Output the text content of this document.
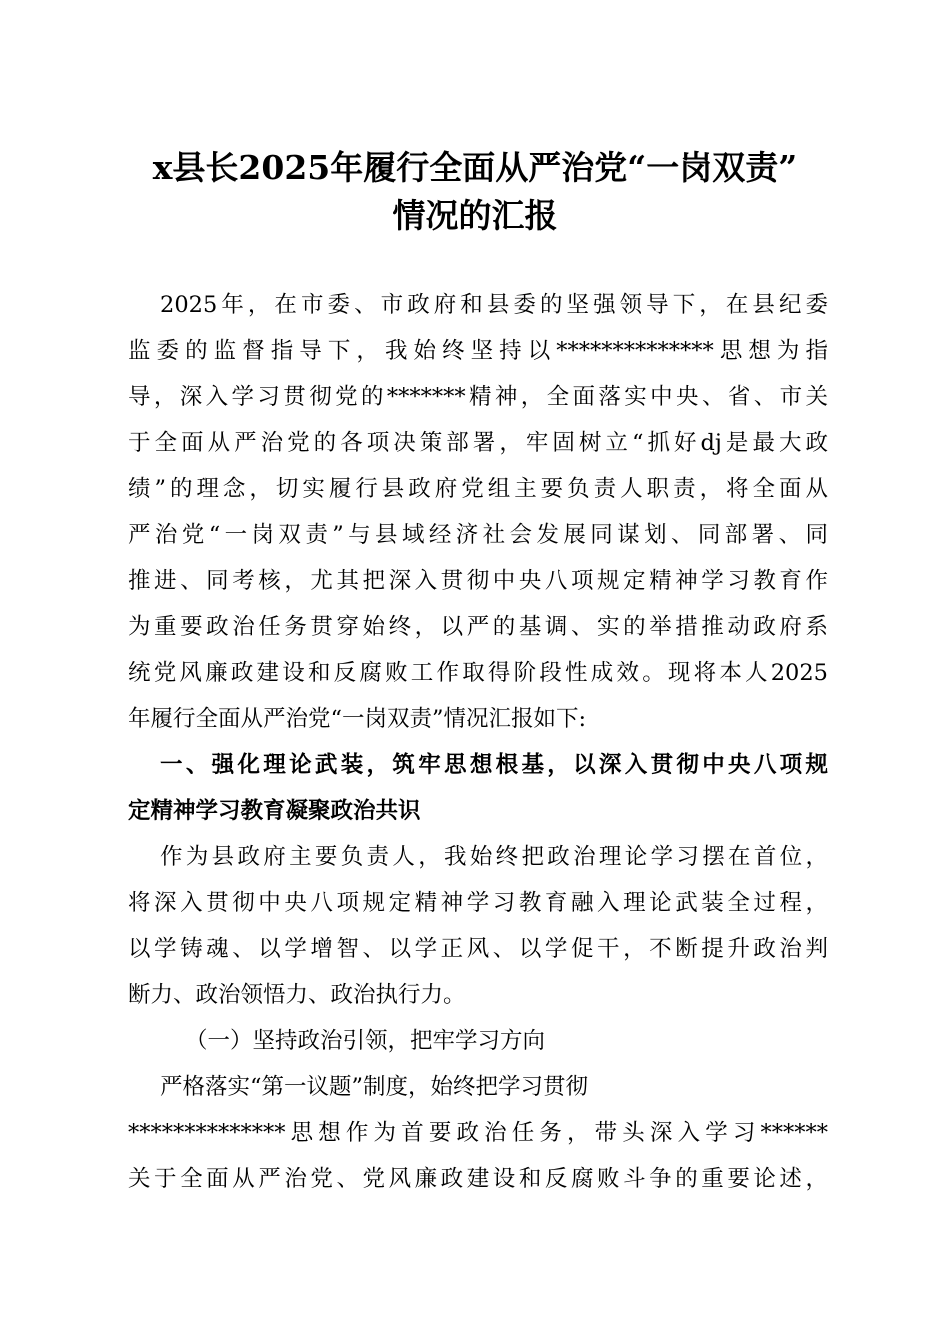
x县长2025年履行全面从严治党“一岗双责”
情况的汇报
2025年，在市委、市政府和县委的坚强领导下，在县纪委
监委的监督指导下，我始终坚持以**************思想为指
导，深入学习贯彻党的*******精神，全面落实中央、省、市关
于全面从严治党的各项决策部署，牢固树立“抓好dj是最大政
绩”的理念，切实履行县政府党组主要负责人职责，将全面从
严治党“一岗双责”与县域经济社会发展同谋划、同部署、同
推进、同考核，尤其把深入贯彻中央八项规定精神学习教育作
为重要政治任务贯穿始终，以严的基调、实的举措推动政府系
统党风廉政建设和反腐败工作取得阶段性成效。现将本人2025
年履行全面从严治党“一岗双责”情况汇报如下:
一、强化理论武装，筑牢思想根基，以深入贯彻中央八项规
定精神学习教育凝聚政治共识
作为县政府主要负责人，我始终把政治理论学习摆在首位，
将深入贯彻中央八项规定精神学习教育融入理论武装全过程，
以学铸魂、以学增智、以学正风、以学促干，不断提升政治判
断力、政治领悟力、政治执行力。
（一）坚持政治引领，把牢学习方向
严格落实“第一议题”制度，始终把学习贯彻
**************思想作为首要政治任务，带头深入学习******
关于全面从严治党、党风廉政建设和反腐败斗争的重要论述，
